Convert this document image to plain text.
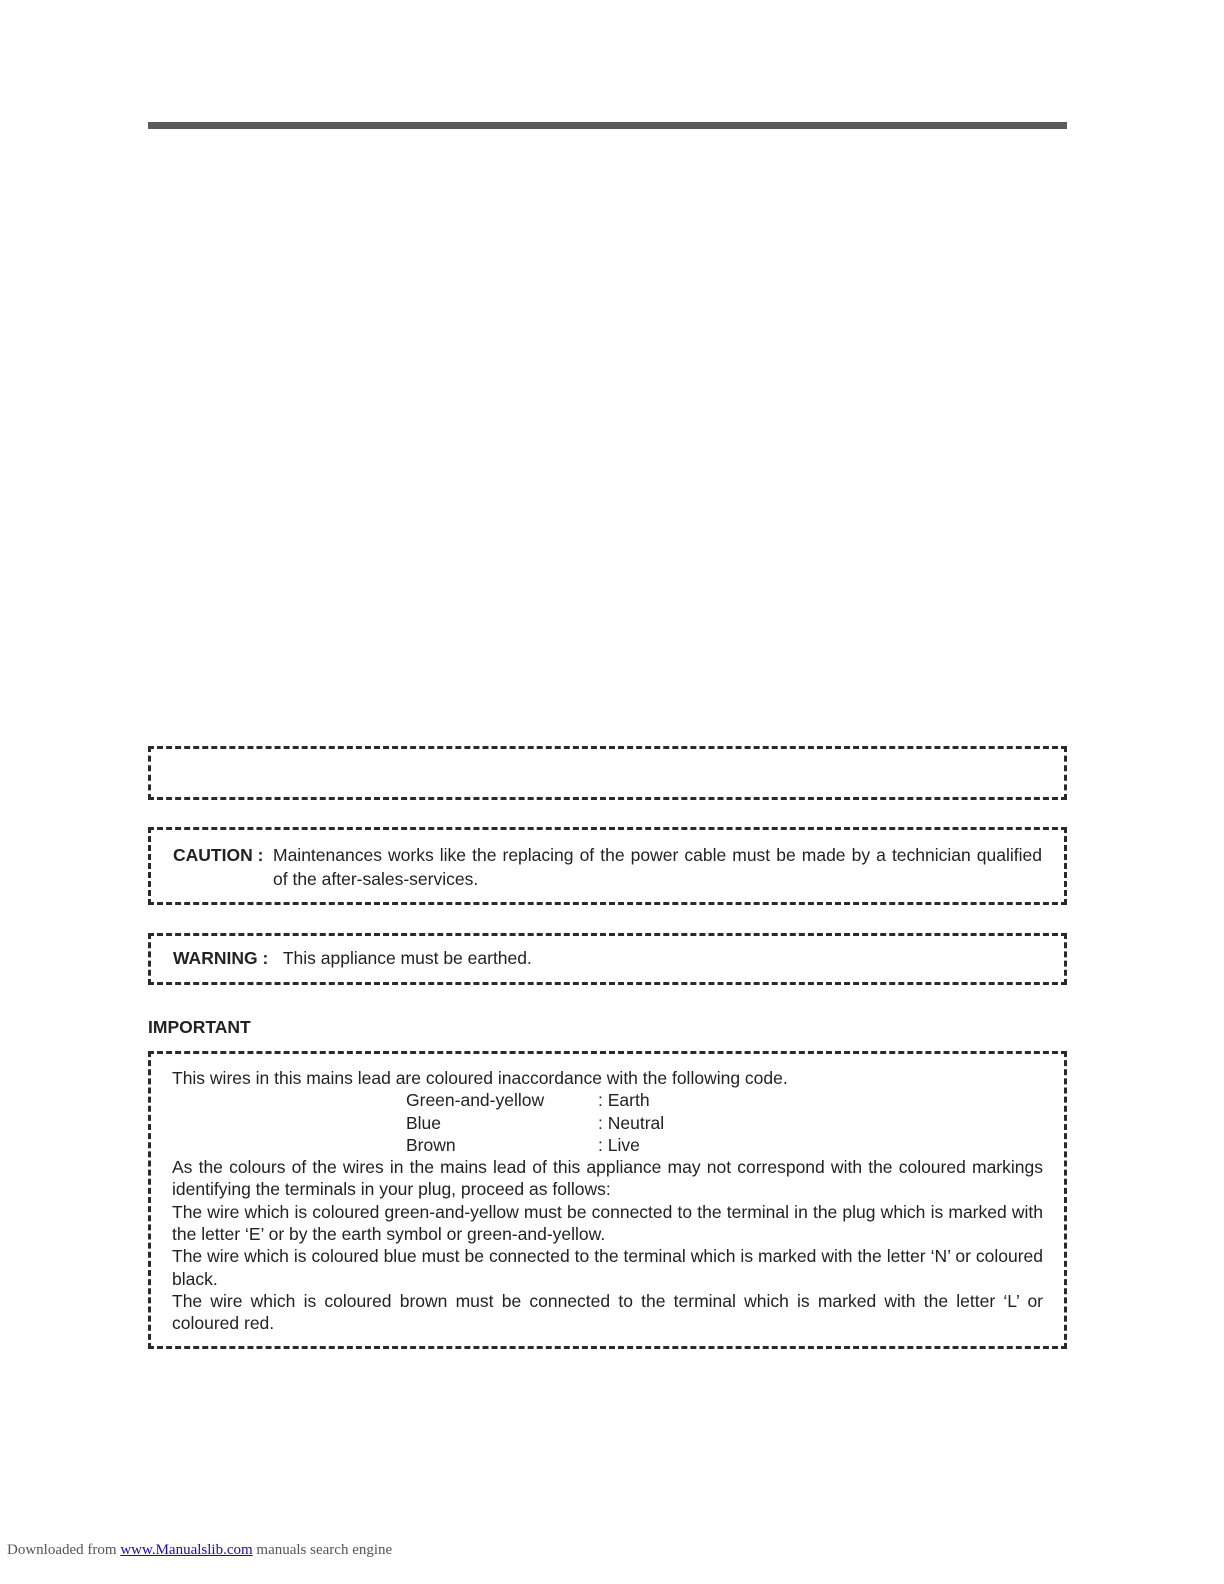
CAUTION : Maintenances works like the replacing of the power cable must be made by a technician qualified of the after-sales-services.
WARNING : This appliance must be earthed.
IMPORTANT

This wires in this mains lead are coloured inaccordance with the following code.

Green-and-yellow	: Earth
Blue	: Neutral
Brown	: Live

As the colours of the wires in the mains lead of this appliance may not correspond with the coloured markings identifying the terminals in your plug, proceed as follows:

The wire which is coloured green-and-yellow must be connected to the terminal in the plug which is marked with the letter ‘E’ or by the earth symbol or green-and-yellow.

The wire which is coloured blue must be connected to the terminal which is marked with the letter ‘N’ or coloured black.

The wire which is coloured brown must be connected to the terminal which is marked with the letter ‘L’ or coloured red.

Downloaded from www.Manualslib.com manuals search engine
